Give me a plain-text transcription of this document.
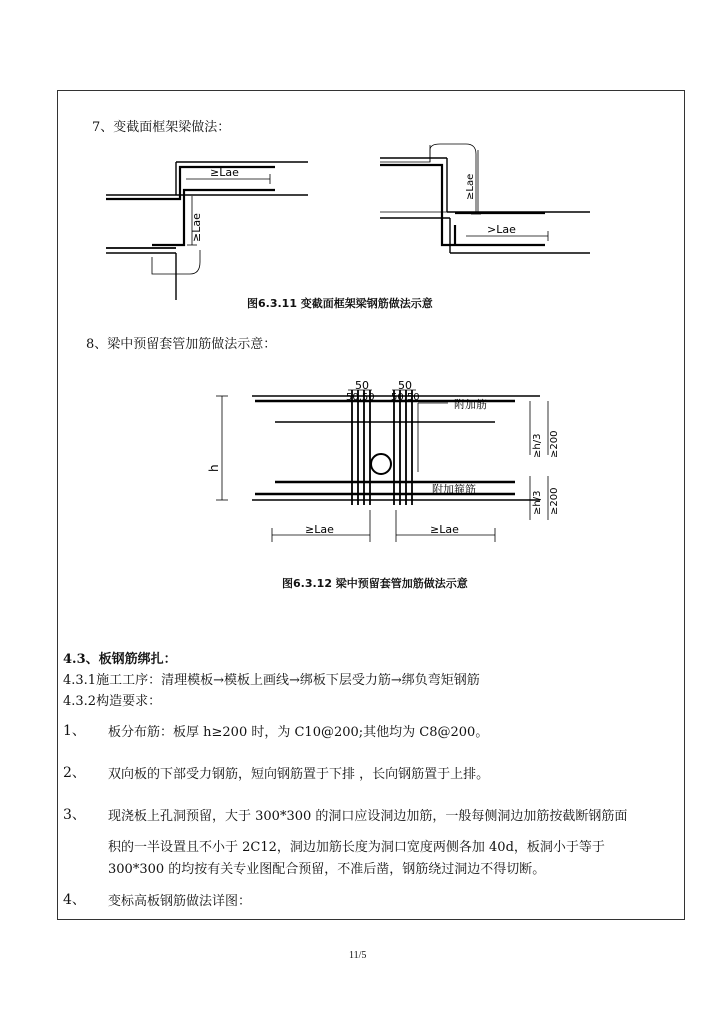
7、变截面框架梁做法：
≥Lae
≥Lae
≥Lae
>Lae
图6.3.11 变截面框架梁钢筋做法示意
8、梁中预留套管加筋做法示意：
50
50,50
50
50,50
附加筋
附加箍筋
h
≥h/3 ≥200
≥h/3 ≥200
≥Lae	≥Lae
图6.3.12 梁中预留套管加筋做法示意
4.3、板钢筋绑扎：
4.3.1施工工序：清理模板→模板上画线→绑板下层受力筋→绑负弯矩钢筋
4.3.2构造要求：
1、 板分布筋：板厚 h≥200 时，为 C10@200;其他均为 C8@200。
2、 双向板的下部受力钢筋，短向钢筋置于下排 ，长向钢筋置于上排。
3、 现浇板上孔洞预留，大于 300*300 的洞口应设洞边加筋，一般每侧洞边加筋按截断钢筋面
积的一半设置且不小于 2C12，洞边加筋长度为洞口宽度两侧各加 40d，板洞小于等于
300*300 的均按有关专业图配合预留，不准后凿，钢筋绕过洞边不得切断。
4、 变标高板钢筋做法详图：
11/5
